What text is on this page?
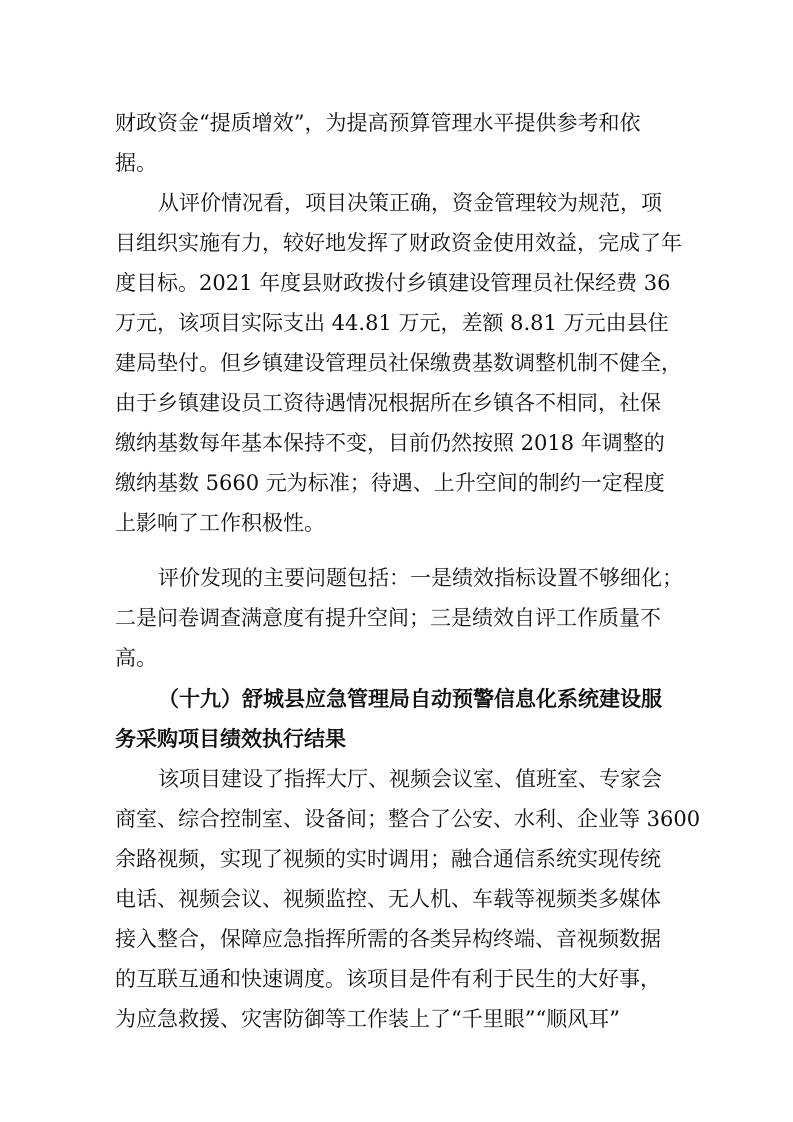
财政资金“提质增效”，为提高预算管理水平提供参考和依

据。

从评价情况看，项目决策正确，资金管理较为规范，项

目组织实施有力，较好地发挥了财政资金使用效益，完成了年

度目标。2021 年度县财政拨付乡镇建设管理员社保经费 36

万元，该项目实际支出 44.81 万元，差额 8.81 万元由县住

建局垫付。但乡镇建设管理员社保缴费基数调整机制不健全，

由于乡镇建设员工资待遇情况根据所在乡镇各不相同，社保

缴纳基数每年基本保持不变，目前仍然按照 2018 年调整的

缴纳基数 5660 元为标准；待遇、上升空间的制约一定程度

上影响了工作积极性。

评价发现的主要问题包括：一是绩效指标设置不够细化；

二是问卷调查满意度有提升空间；三是绩效自评工作质量不

高。

（十九）舒城县应急管理局自动预警信息化系统建设服

务采购项目绩效执行结果

该项目建设了指挥大厅、视频会议室、值班室、专家会

商室、综合控制室、设备间；整合了公安、水利、企业等 3600

余路视频，实现了视频的实时调用；融合通信系统实现传统

电话、视频会议、视频监控、无人机、车载等视频类多媒体

接入整合，保障应急指挥所需的各类异构终端、音视频数据

的互联互通和快速调度。该项目是件有利于民生的大好事，

为应急救援、灾害防御等工作装上了“千里眼”“顺风耳”
